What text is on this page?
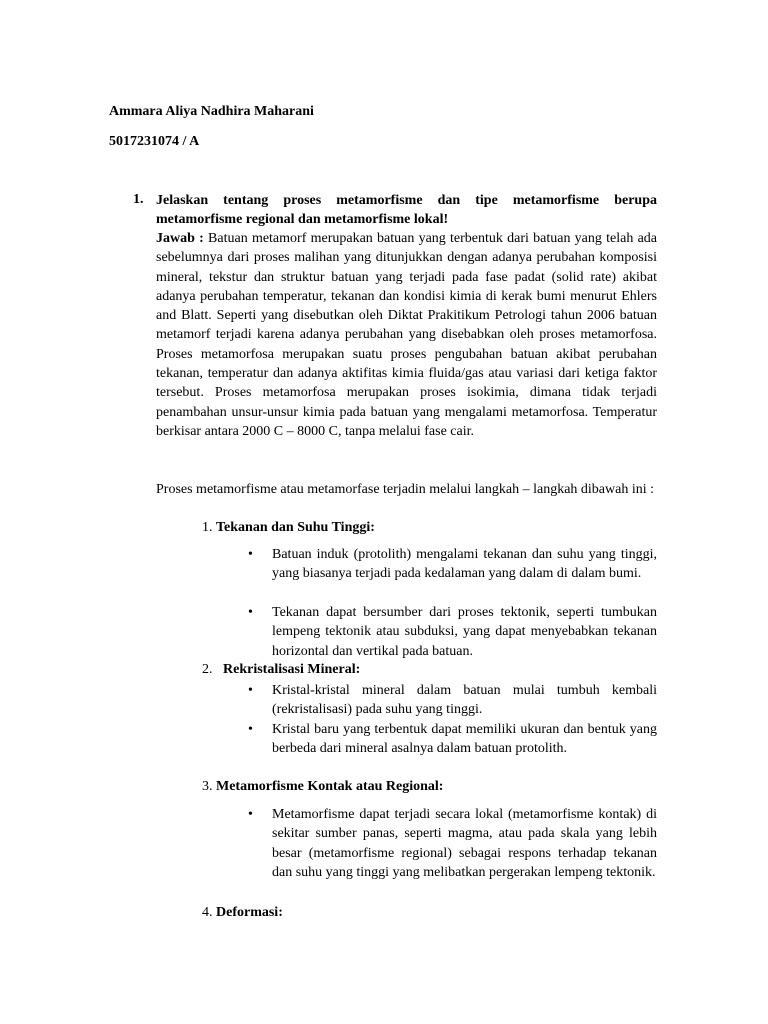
Ammara Aliya Nadhira Maharani

5017231074 / A

1. Jelaskan tentang proses metamorfisme dan tipe metamorfisme berupa metamorfisme regional dan metamorfisme lokal!

Jawab : Batuan metamorf merupakan batuan yang terbentuk dari batuan yang telah ada sebelumnya dari proses malihan yang ditunjukkan dengan adanya perubahan komposisi mineral, tekstur dan struktur batuan yang terjadi pada fase padat (solid rate) akibat adanya perubahan temperatur, tekanan dan kondisi kimia di kerak bumi menurut Ehlers and Blatt. Seperti yang disebutkan oleh Diktat Prakitikum Petrologi tahun 2006 batuan metamorf terjadi karena adanya perubahan yang disebabkan oleh proses metamorfosa. Proses metamorfosa merupakan suatu proses pengubahan batuan akibat perubahan tekanan, temperatur dan adanya aktifitas kimia fluida/gas atau variasi dari ketiga faktor tersebut. Proses metamorfosa merupakan proses isokimia, dimana tidak terjadi penambahan unsur-unsur kimia pada batuan yang mengalami metamorfosa. Temperatur berkisar antara 2000 C – 8000 C, tanpa melalui fase cair.

Proses metamorfisme atau metamorfase terjadin melalui langkah – langkah dibawah ini :

1. Tekanan dan Suhu Tinggi:

• Batuan induk (protolith) mengalami tekanan dan suhu yang tinggi, yang biasanya terjadi pada kedalaman yang dalam di dalam bumi.

• Tekanan dapat bersumber dari proses tektonik, seperti tumbukan lempeng tektonik atau subduksi, yang dapat menyebabkan tekanan horizontal dan vertikal pada batuan.

2. Rekristalisasi Mineral:

• Kristal-kristal mineral dalam batuan mulai tumbuh kembali (rekristalisasi) pada suhu yang tinggi.

• Kristal baru yang terbentuk dapat memiliki ukuran dan bentuk yang berbeda dari mineral asalnya dalam batuan protolith.

3. Metamorfisme Kontak atau Regional:

• Metamorfisme dapat terjadi secara lokal (metamorfisme kontak) di sekitar sumber panas, seperti magma, atau pada skala yang lebih besar (metamorfisme regional) sebagai respons terhadap tekanan dan suhu yang tinggi yang melibatkan pergerakan lempeng tektonik.

4. Deformasi:
